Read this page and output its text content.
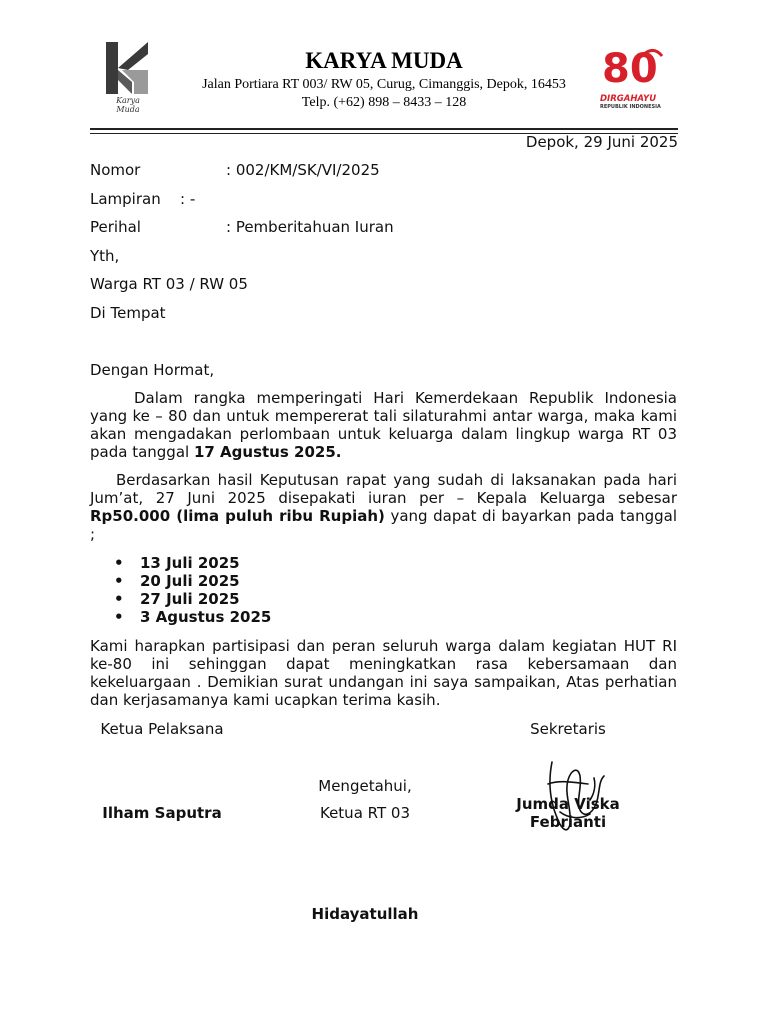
Karya Muda
KARYA MUDA
Jalan Portiara RT 003/ RW 05, Curug, Cimanggis, Depok, 16453
Telp. (+62) 898 – 8433 – 128
80
DIRGAHAYU
REPUBLIK INDONESIA
Depok, 29 Juni 2025
Nomor	: 002/KM/SK/VI/2025
Lampiran : -
Perihal	: Pemberitahuan Iuran
Yth,
Warga RT 03 / RW 05
Di Tempat
Dengan Hormat,

Dalam rangka memperingati Hari Kemerdekaan Republik Indonesia yang ke – 80 dan untuk mempererat tali silaturahmi antar warga, maka kami akan mengadakan perlombaan untuk keluarga dalam lingkup warga RT 03 pada tanggal 17 Agustus 2025.

Berdasarkan hasil Keputusan rapat yang sudah di laksanakan pada hari Jum’at, 27 Juni 2025 disepakati iuran per – Kepala Keluarga sebesar Rp50.000 (lima puluh ribu Rupiah) yang dapat di bayarkan pada tanggal ;

• 13 Juli 2025
• 20 Juli 2025
• 27 Juli 2025
• 3 Agustus 2025

Kami harapkan partisipasi dan peran seluruh warga dalam kegiatan HUT RI ke-80 ini sehinggan dapat meningkatkan rasa kebersamaan dan kekeluargaan . Demikian surat undangan ini saya sampaikan, Atas perhatian dan kerjasamanya kami ucapkan terima kasih.

Ketua Pelaksana	Sekretaris
Mengetahui,
Ketua RT 03
Ilham Saputra	Jumda Viska
Febrianti
Hidayatullah
